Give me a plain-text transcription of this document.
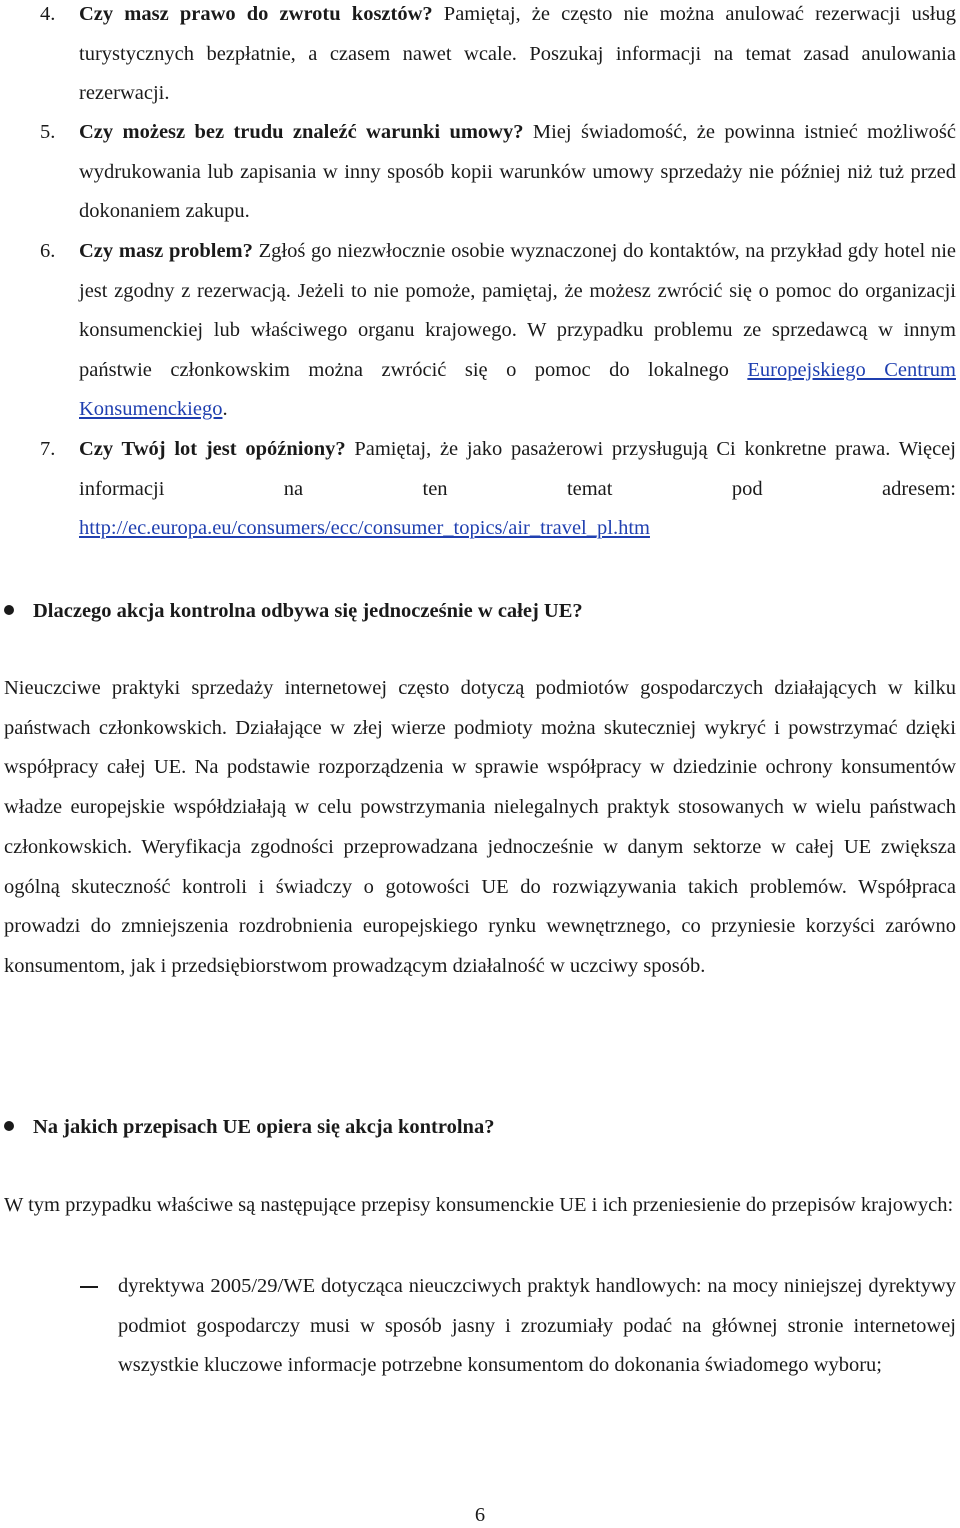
4.	Czy masz prawo do zwrotu kosztów? Pamiętaj, że często nie można anulować rezerwacji usług turystycznych bezpłatnie, a czasem nawet wcale. Poszukaj informacji na temat zasad anulowania rezerwacji.
5.	Czy możesz bez trudu znaleźć warunki umowy? Miej świadomość, że powinna istnieć możliwość wydrukowania lub zapisania w inny sposób kopii warunków umowy sprzedaży nie później niż tuż przed dokonaniem zakupu.
6.	Czy masz problem? Zgłoś go niezwłocznie osobie wyznaczonej do kontaktów, na przykład gdy hotel nie jest zgodny z rezerwacją. Jeżeli to nie pomoże, pamiętaj, że możesz zwrócić się o pomoc do organizacji konsumenckiej lub właściwego organu krajowego. W przypadku problemu ze sprzedawcą w innym państwie członkowskim można zwrócić się o pomoc do lokalnego Europejskiego Centrum Konsumenckiego.
7.	Czy Twój lot jest opóźniony? Pamiętaj, że jako pasażerowi przysługują Ci konkretne prawa. Więcej informacji na ten temat pod adresem: http://ec.europa.eu/consumers/ecc/consumer_topics/air_travel_pl.htm
Dlaczego akcja kontrolna odbywa się jednocześnie w całej UE?
Nieuczciwe praktyki sprzedaży internetowej często dotyczą podmiotów gospodarczych działających w kilku państwach członkowskich. Działające w złej wierze podmioty można skuteczniej wykryć i powstrzymać dzięki współpracy całej UE. Na podstawie rozporządzenia w sprawie współpracy w dziedzinie ochrony konsumentów władze europejskie współdziałają w celu powstrzymania nielegalnych praktyk stosowanych w wielu państwach członkowskich. Weryfikacja zgodności przeprowadzana jednocześnie w danym sektorze w całej UE zwiększa ogólną skuteczność kontroli i świadczy o gotowości UE do rozwiązywania takich problemów. Współpraca prowadzi do zmniejszenia rozdrobnienia europejskiego rynku wewnętrznego, co przyniesie korzyści zarówno konsumentom, jak i przedsiębiorstwom prowadzącym działalność w uczciwy sposób.
Na jakich przepisach UE opiera się akcja kontrolna?
W tym przypadku właściwe są następujące przepisy konsumenckie UE i ich przeniesienie do przepisów krajowych:
dyrektywa 2005/29/WE dotycząca nieuczciwych praktyk handlowych: na mocy niniejszej dyrektywy podmiot gospodarczy musi w sposób jasny i zrozumiały podać na głównej stronie internetowej wszystkie kluczowe informacje potrzebne konsumentom do dokonania świadomego wyboru;
6
